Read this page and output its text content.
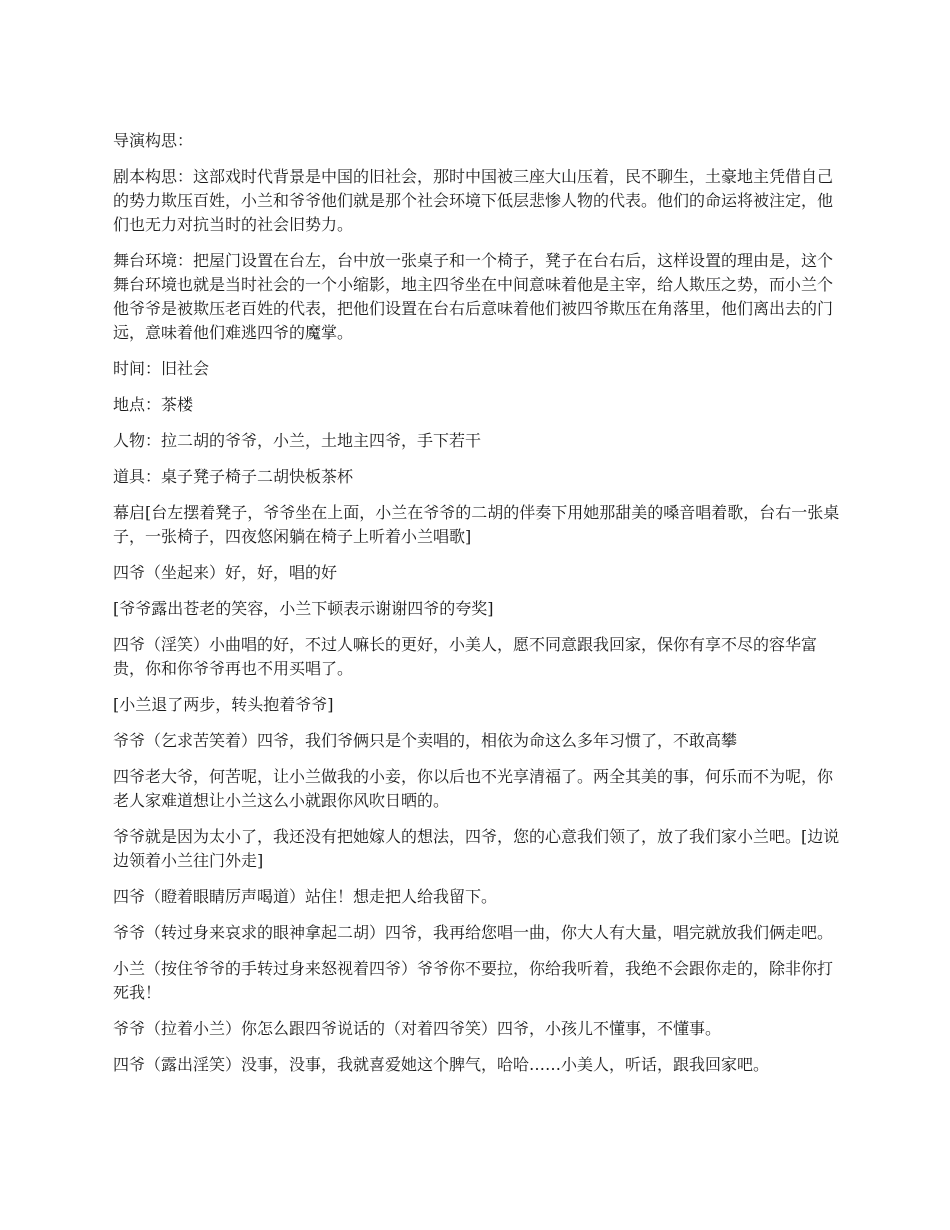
导演构思：

剧本构思：这部戏时代背景是中国的旧社会，那时中国被三座大山压着，民不聊生，土豪地主凭借自己的势力欺压百姓，小兰和爷爷他们就是那个社会环境下低层悲惨人物的代表。他们的命运将被注定，他们也无力对抗当时的社会旧势力。

舞台环境：把屋门设置在台左，台中放一张桌子和一个椅子，凳子在台右后，这样设置的理由是，这个舞台环境也就是当时社会的一个小缩影，地主四爷坐在中间意味着他是主宰，给人欺压之势，而小兰个他爷爷是被欺压老百姓的代表，把他们设置在台右后意味着他们被四爷欺压在角落里，他们离出去的门远，意味着他们难逃四爷的魔掌。

时间：旧社会

地点：茶楼

人物：拉二胡的爷爷，小兰，土地主四爷，手下若干

道具：桌子凳子椅子二胡快板茶杯

幕启[台左摆着凳子，爷爷坐在上面，小兰在爷爷的二胡的伴奏下用她那甜美的嗓音唱着歌，台右一张桌子，一张椅子，四夜悠闲躺在椅子上听着小兰唱歌]

四爷（坐起来）好，好，唱的好

[爷爷露出苍老的笑容，小兰下顿表示谢谢四爷的夸奖]

四爷（淫笑）小曲唱的好，不过人嘛长的更好，小美人，愿不同意跟我回家，保你有享不尽的容华富贵，你和你爷爷再也不用买唱了。

[小兰退了两步，转头抱着爷爷]

爷爷（乞求苦笑着）四爷，我们爷俩只是个卖唱的，相依为命这么多年习惯了，不敢高攀

四爷老大爷，何苦呢，让小兰做我的小妾，你以后也不光享清福了。两全其美的事，何乐而不为呢，你老人家难道想让小兰这么小就跟你风吹日晒的。

爷爷就是因为太小了，我还没有把她嫁人的想法，四爷，您的心意我们领了，放了我们家小兰吧。[边说边领着小兰往门外走]

四爷（瞪着眼睛厉声喝道）站住！想走把人给我留下。

爷爷（转过身来哀求的眼神拿起二胡）四爷，我再给您唱一曲，你大人有大量，唱完就放我们俩走吧。

小兰（按住爷爷的手转过身来怒视着四爷）爷爷你不要拉，你给我听着，我绝不会跟你走的，除非你打死我！

爷爷（拉着小兰）你怎么跟四爷说话的（对着四爷笑）四爷，小孩儿不懂事，不懂事。

四爷（露出淫笑）没事，没事，我就喜爱她这个脾气，哈哈……小美人，听话，跟我回家吧。
